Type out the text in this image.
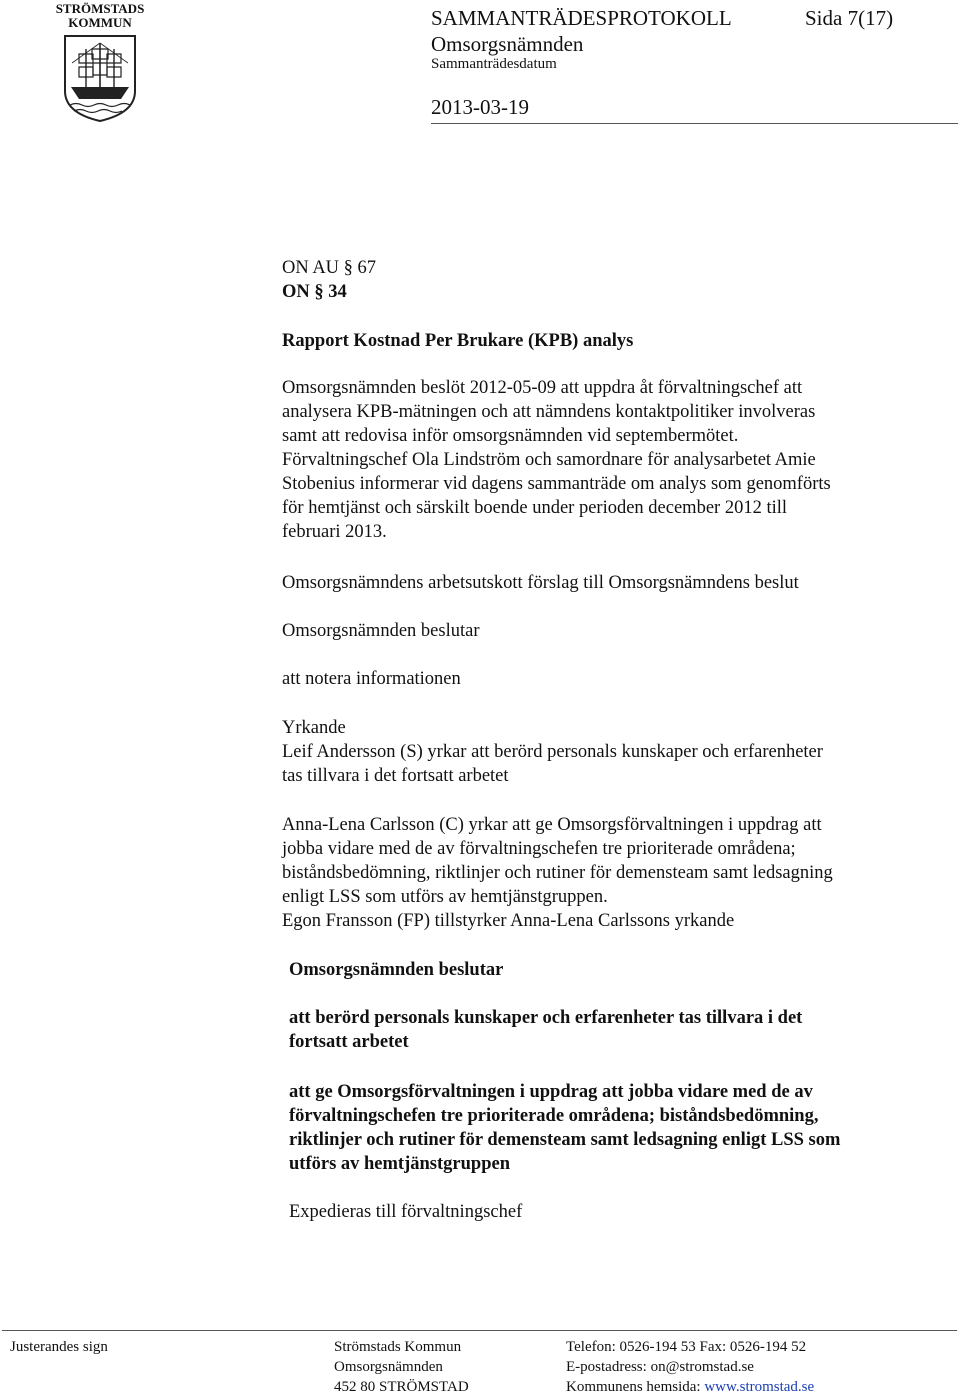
STRÖMSTADS
KOMMUN	SAMMANTRÄDESPROTOKOLL	Sida 7(17)
Omsorgsnämnden
Sammanträdesdatum
2013-03-19
ON AU § 67
ON § 34
Rapport Kostnad Per Brukare (KPB) analys
Omsorgsnämnden beslöt 2012-05-09 att uppdra åt förvaltningschef att
analysera KPB-mätningen och att nämndens kontaktpolitiker involveras
samt att redovisa inför omsorgsnämnden vid septembermötet.
Förvaltningschef Ola Lindström och samordnare för analysarbetet Amie
Stobenius informerar vid dagens sammanträde om analys som genomförts
för hemtjänst och särskilt boende under perioden december 2012 till
februari 2013.
Omsorgsnämndens arbetsutskott förslag till Omsorgsnämndens beslut
Omsorgsnämnden beslutar
att notera informationen
Yrkande
Leif Andersson (S) yrkar att berörd personals kunskaper och erfarenheter
tas tillvara i det fortsatt arbetet
Anna-Lena Carlsson (C) yrkar att ge Omsorgsförvaltningen i uppdrag att
jobba vidare med de av förvaltningschefen tre prioriterade områdena;
biståndsbedömning, riktlinjer och rutiner för demensteam samt ledsagning
enligt LSS som utförs av hemtjänstgruppen.
Egon Fransson (FP) tillstyrker Anna-Lena Carlssons yrkande
Omsorgsnämnden beslutar
att berörd personals kunskaper och erfarenheter tas tillvara i det
fortsatt arbetet
att ge Omsorgsförvaltningen i uppdrag att jobba vidare med de av
förvaltningschefen tre prioriterade områdena; biståndsbedömning,
riktlinjer och rutiner för demensteam samt ledsagning enligt LSS som
utförs av hemtjänstgruppen
Expedieras till förvaltningschef
Justerandes sign	Strömstads Kommun
Omsorgsnämnden
452 80 STRÖMSTAD
Telefon: 0526-194 53 Fax: 0526-194 52
E-postadress: on@stromstad.se
Kommunens hemsida: www.stromstad.se
